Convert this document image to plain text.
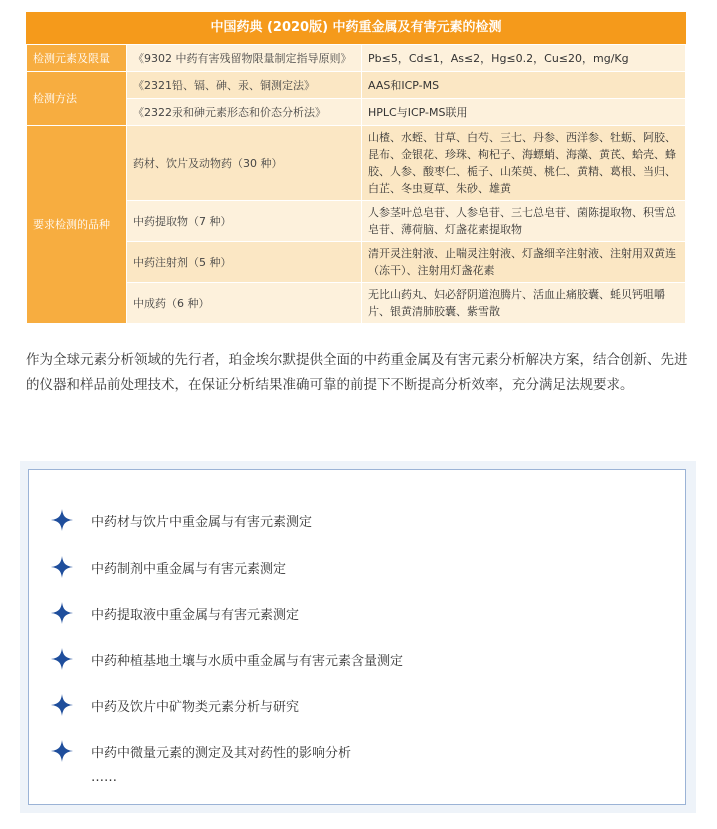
中国药典 (2020版) 中药重金属及有害元素的检测
检测元素及限量	《9302 中药有害残留物限量制定指导原则》	Pb≤5，Cd≤1，As≤2，Hg≤0.2，Cu≤20，mg/Kg
检测方法	《2321铅、镉、砷、汞、铜测定法》	AAS和ICP-MS
	《2322汞和砷元素形态和价态分析法》	HPLC与ICP-MS联用
要求检测的品种	药材、饮片及动物药（30 种）	山楂、水蛭、甘草、白芍、三七、丹参、西洋参、牡蛎、阿胶、昆布、金银花、珍珠、枸杞子、海螵蛸、海藻、黄芪、蛤壳、蜂胶、人参、酸枣仁、栀子、山茱萸、桃仁、黄精、葛根、当归、白芷、冬虫夏草、朱砂、雄黄
	中药提取物（7 种）	人参茎叶总皂苷、人参皂苷、三七总皂苷、菌陈提取物、积雪总皂苷、薄荷脑、灯盏花素提取物
	中药注射剂（5 种）	清开灵注射液、止喘灵注射液、灯盏细辛注射液、注射用双黄连（冻干）、注射用灯盏花素
	中成药（6 种）	无比山药丸、妇必舒阴道泡腾片、活血止痛胶囊、蚝贝钙咀嚼片、银黄清肺胶囊、紫雪散

作为全球元素分析领域的先行者，珀金埃尔默提供全面的中药重金属及有害元素分析解决方案，结合创新、先进的仪器和样品前处理技术，在保证分析结果准确可靠的前提下不断提高分析效率，充分满足法规要求。

中药材与饮片中重金属与有害元素测定
中药制剂中重金属与有害元素测定
中药提取液中重金属与有害元素测定
中药种植基地土壤与水质中重金属与有害元素含量测定
中药及饮片中矿物类元素分析与研究
中药中微量元素的测定及其对药性的影响分析
……
